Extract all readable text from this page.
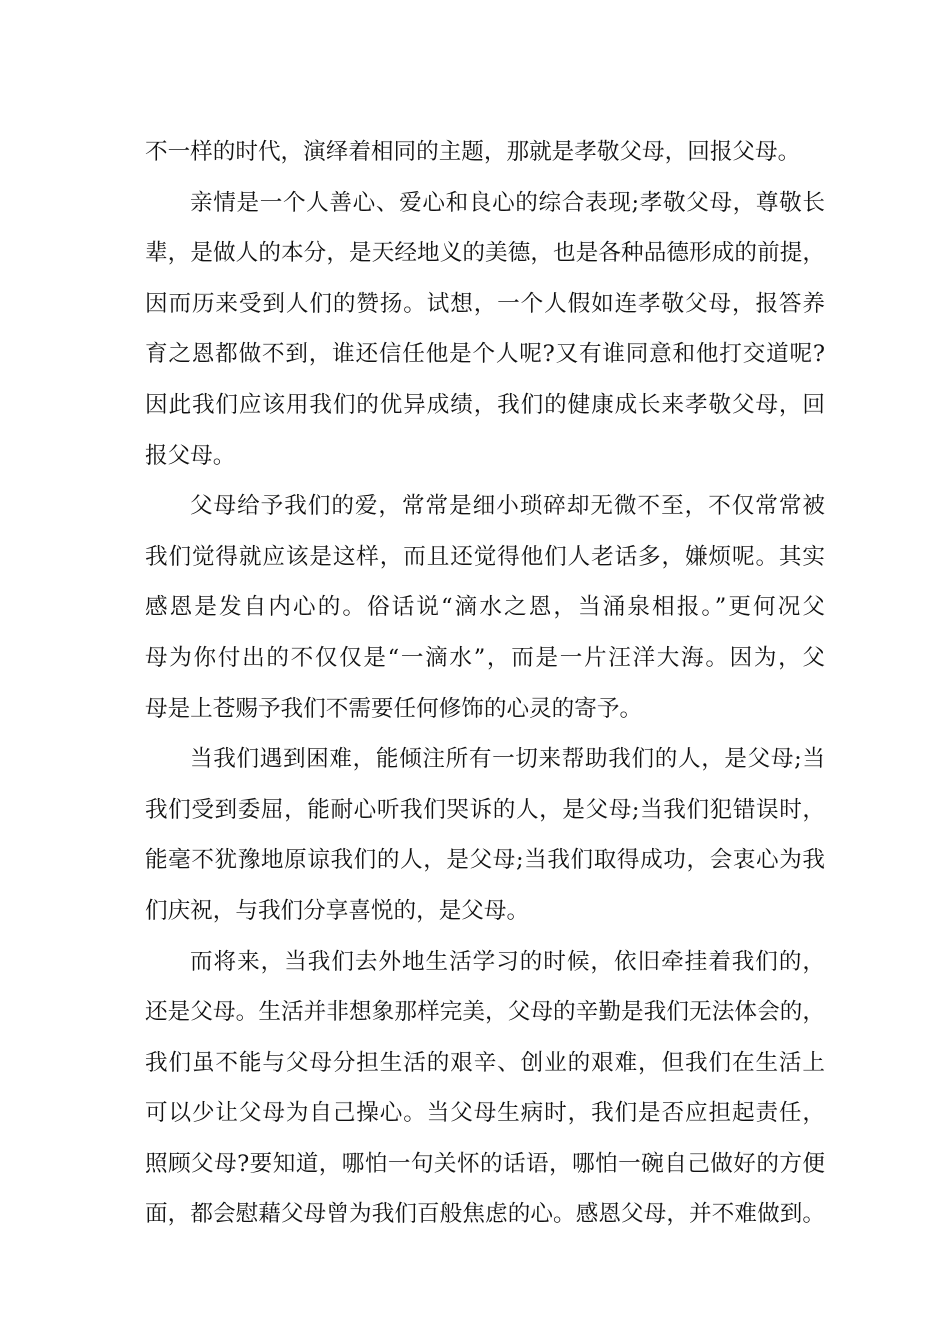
不一样的时代，演绎着相同的主题，那就是孝敬父母，回报父母。

亲情是一个人善心、爱心和良心的综合表现;孝敬父母，尊敬长
辈，是做人的本分，是天经地义的美德，也是各种品德形成的前提，
因而历来受到人们的赞扬。试想，一个人假如连孝敬父母，报答养
育之恩都做不到，谁还信任他是个人呢?又有谁同意和他打交道呢?
因此我们应该用我们的优异成绩，我们的健康成长来孝敬父母，回
报父母。

父母给予我们的爱，常常是细小琐碎却无微不至，不仅常常被
我们觉得就应该是这样，而且还觉得他们人老话多，嫌烦呢。其实
感恩是发自内心的。俗话说“滴水之恩，当涌泉相报。”更何况父
母为你付出的不仅仅是“一滴水”，而是一片汪洋大海。因为，父
母是上苍赐予我们不需要任何修饰的心灵的寄予。

当我们遇到困难，能倾注所有一切来帮助我们的人，是父母;当
我们受到委屈，能耐心听我们哭诉的人，是父母;当我们犯错误时，
能毫不犹豫地原谅我们的人，是父母;当我们取得成功，会衷心为我
们庆祝，与我们分享喜悦的，是父母。

而将来，当我们去外地生活学习的时候，依旧牵挂着我们的，
还是父母。生活并非想象那样完美，父母的辛勤是我们无法体会的，
我们虽不能与父母分担生活的艰辛、创业的艰难，但我们在生活上
可以少让父母为自己操心。当父母生病时，我们是否应担起责任，
照顾父母?要知道，哪怕一句关怀的话语，哪怕一碗自己做好的方便
面，都会慰藉父母曾为我们百般焦虑的心。感恩父母，并不难做到。
